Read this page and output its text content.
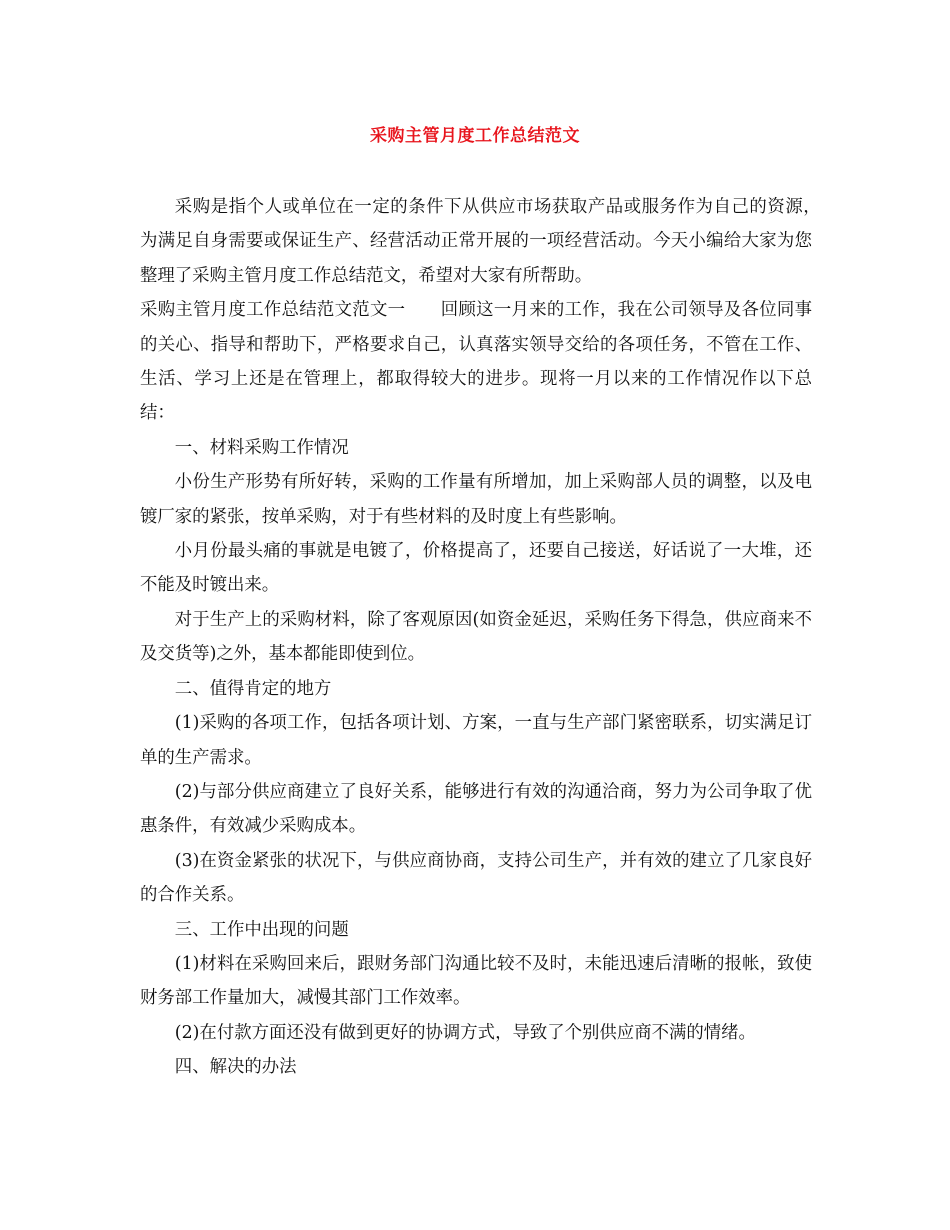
采购主管月度工作总结范文

采购是指个人或单位在一定的条件下从供应市场获取产品或服务作为自己的资源，　为满足自身需要或保证生产、经营活动正常开展的一项经营活动。今天小编给大家为您整理了采购主管月度工作总结范文，希望对大家有所帮助。

采购主管月度工作总结范文范文一　　回顾这一月来的工作，我在公司领导及各位同事的关心、指导和帮助下，严格要求自己，认真落实领导交给的各项任务，不管在工作、生活、学习上还是在管理上，都取得较大的进步。现将一月以来的工作情况作以下总结：

一、材料采购工作情况

小份生产形势有所好转，采购的工作量有所增加，加上采购部人员的调整，以及电镀厂家的紧张，按单采购，对于有些材料的及时度上有些影响。

小月份最头痛的事就是电镀了，价格提高了，还要自己接送，好话说了一大堆，还不能及时镀出来。

对于生产上的采购材料，除了客观原因(如资金延迟，采购任务下得急，供应商来不及交货等)之外，基本都能即使到位。

二、值得肯定的地方

(1)采购的各项工作，包括各项计划、方案，一直与生产部门紧密联系，切实满足订单的生产需求。

(2)与部分供应商建立了良好关系，能够进行有效的沟通洽商，努力为公司争取了优惠条件，有效减少采购成本。

(3)在资金紧张的状况下，与供应商协商，支持公司生产，并有效的建立了几家良好的合作关系。

三、工作中出现的问题

(1)材料在采购回来后，跟财务部门沟通比较不及时，未能迅速后清晰的报帐，致使财务部工作量加大，减慢其部门工作效率。

(2)在付款方面还没有做到更好的协调方式，导致了个别供应商不满的情绪。

四、解决的办法
